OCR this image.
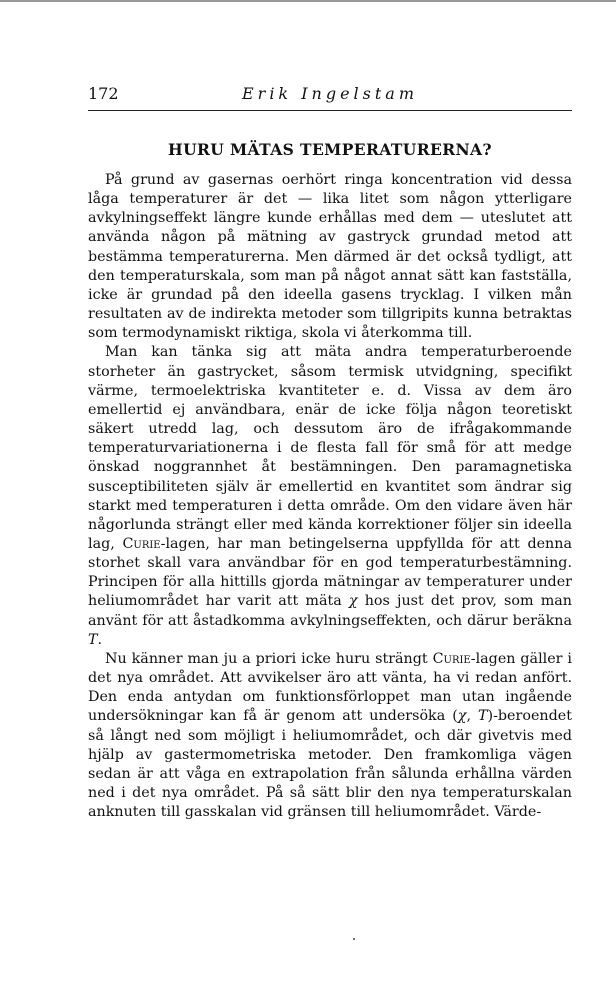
172	Erik Ingelstam
HURU MÄTAS TEMPERATURERNA?

På grund av gasernas oerhört ringa koncentration vid dessa låga temperaturer är det — lika litet som någon ytterligare avkylningseffekt längre kunde erhållas med dem — uteslutet att använda någon på mätning av gastryck grundad metod att bestämma temperaturerna. Men därmed är det också tydligt, att den temperaturskala, som man på något annat sätt kan fastställa, icke är grundad på den ideella gasens trycklag. I vilken mån resultaten av de indirekta metoder som tillgripits kunna betraktas som termodynamiskt riktiga, skola vi återkomma till.

Man kan tänka sig att mäta andra temperaturberoende storheter än gastrycket, såsom termisk utvidgning, specifikt värme, termoelektriska kvantiteter e. d. Vissa av dem äro emellertid ej användbara, enär de icke följa någon teoretiskt säkert utredd lag, och dessutom äro de ifrågakommande temperaturvariationerna i de flesta fall för små för att medge önskad noggrannhet åt bestämningen. Den paramagnetiska susceptibiliteten själv är emellertid en kvantitet som ändrar sig starkt med temperaturen i detta område. Om den vidare även här någorlunda strängt eller med kända korrektioner följer sin ideella lag, Curie-lagen, har man betingelserna uppfyllda för att denna storhet skall vara användbar för en god temperaturbestämning. Principen för alla hittills gjorda mätningar av temperaturer under heliumområdet har varit att mäta χ hos just det prov, som man använt för att åstadkomma avkylningseffekten, och därur beräkna T.

Nu känner man ju a priori icke huru strängt Curie-lagen gäller i det nya området. Att avvikelser äro att vänta, ha vi redan anfört. Den enda antydan om funktionsförloppet man utan ingående undersökningar kan få är genom att undersöka (χ, T)-beroendet så långt ned som möjligt i heliumområdet, och där givetvis med hjälp av gastermometriska metoder. Den framkomliga vägen sedan är att våga en extrapolation från sålunda erhållna värden ned i det nya området. På så sätt blir den nya temperaturskalan anknuten till gasskalan vid gränsen till heliumområdet. Värde-
